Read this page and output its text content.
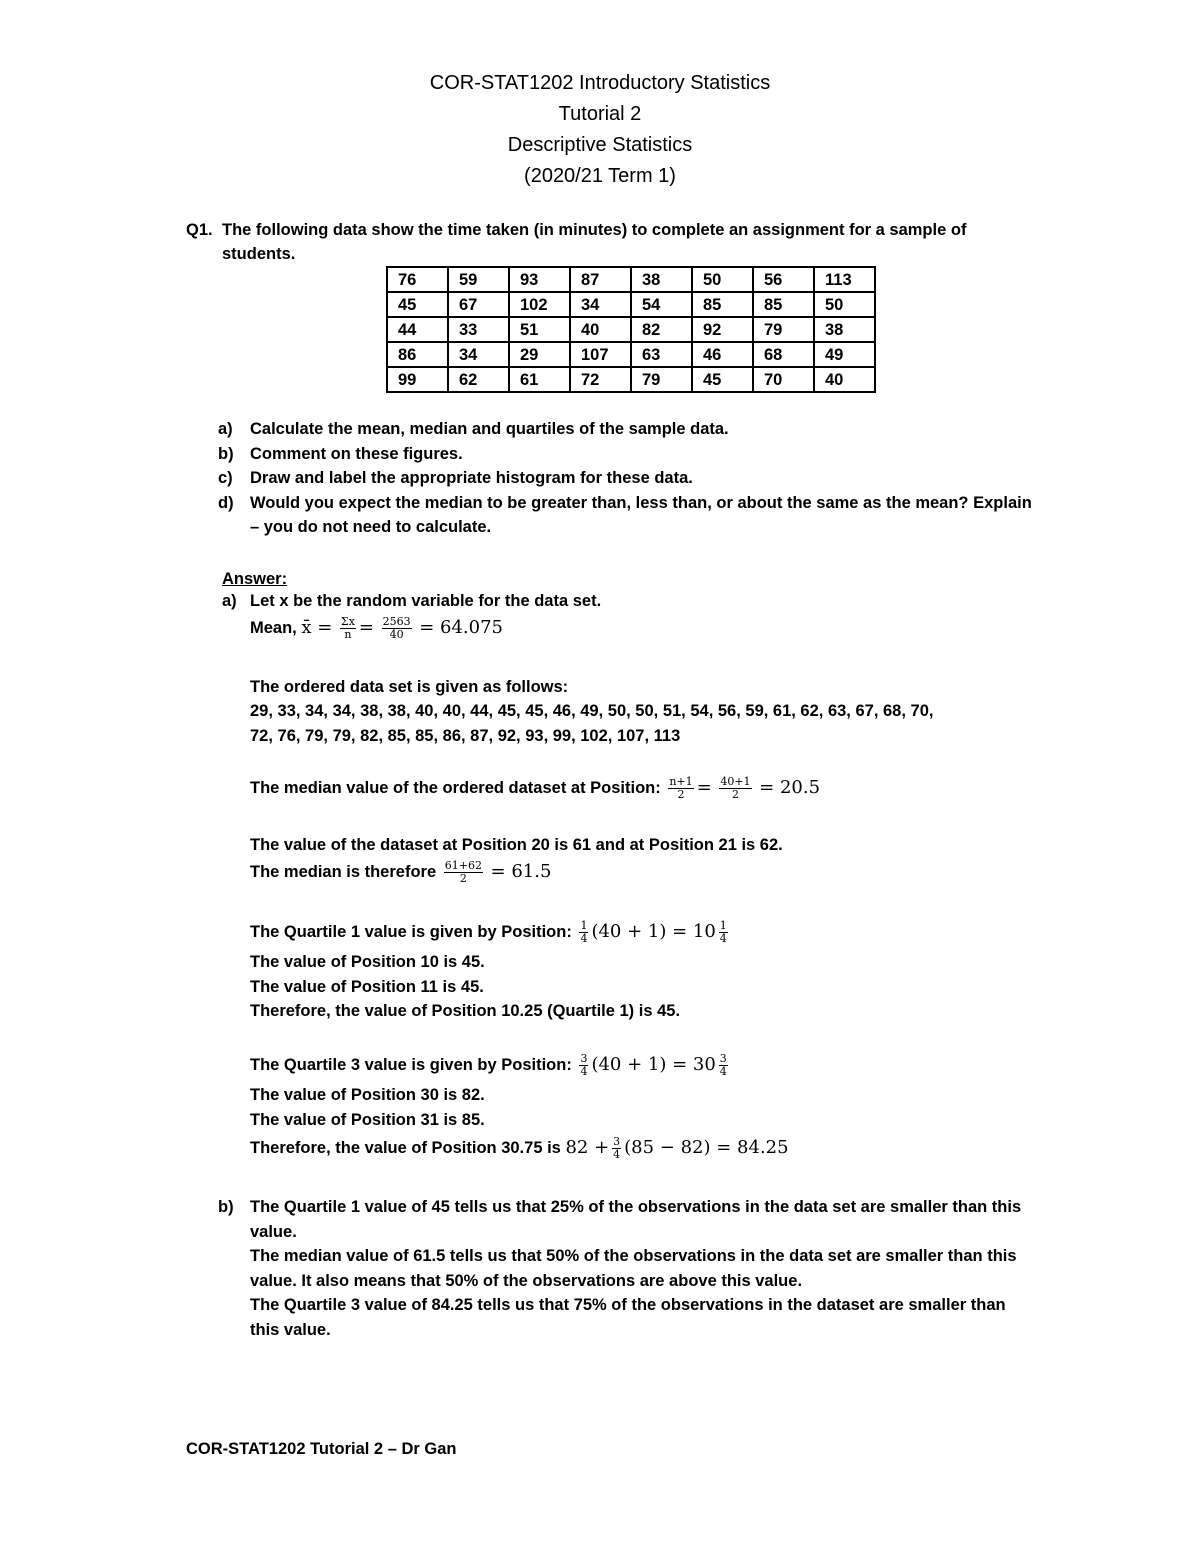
COR-STAT1202 Introductory Statistics
Tutorial 2
Descriptive Statistics
(2020/21 Term 1)
Q1. The following data show the time taken (in minutes) to complete an assignment for a sample of students.
76	59	93	87	38	50	56	113
45	67	102	34	54	85	85	50
44	33	51	40	82	92	79	38
86	34	29	107	63	46	68	49
99	62	61	72	79	45	70	40
a) Calculate the mean, median and quartiles of the sample data.
b) Comment on these figures.
c) Draw and label the appropriate histogram for these data.
d) Would you expect the median to be greater than, less than, or about the same as the mean? Explain – you do not need to calculate.
Answer:
a) Let x be the random variable for the data set.
Mean, x̄ = $\frac{\Sigma x}{n} = \frac{2563}{40} = 64.075$
The ordered data set is given as follows:
29, 33, 34, 34, 38, 38, 40, 40, 44, 45, 45, 46, 49, 50, 50, 51, 54, 56, 59, 61, 62, 63, 67, 68, 70,
72, 76, 79, 79, 82, 85, 85, 86, 87, 92, 93, 99, 102, 107, 113
The median value of the ordered dataset at Position: $\frac{n+1}{2} = \frac{40+1}{2} = 20.5$
The value of the dataset at Position 20 is 61 and at Position 21 is 62.
The median is therefore $\frac{61+62}{2} = 61.5$
The Quartile 1 value is given by Position: $\frac{1}{4} (40 + 1) = 10 \frac{1}{4}$
The value of Position 10 is 45.
The value of Position 11 is 45.
Therefore, the value of Position 10.25 (Quartile 1) is 45.
The Quartile 3 value is given by Position: $\frac{3}{4} (40 + 1) = 30 \frac{3}{4}$
The value of Position 30 is 82.
The value of Position 31 is 85.
Therefore, the value of Position 30.75 is $82 + \frac{3}{4} (85 - 82) = 84.25$
b) The Quartile 1 value of 45 tells us that 25% of the observations in the data set are smaller than this value.
The median value of 61.5 tells us that 50% of the observations in the data set are smaller than this value. It also means that 50% of the observations are above this value.
The Quartile 3 value of 84.25 tells us that 75% of the observations in the dataset are smaller than this value.
COR-STAT1202 Tutorial 2 – Dr Gan
